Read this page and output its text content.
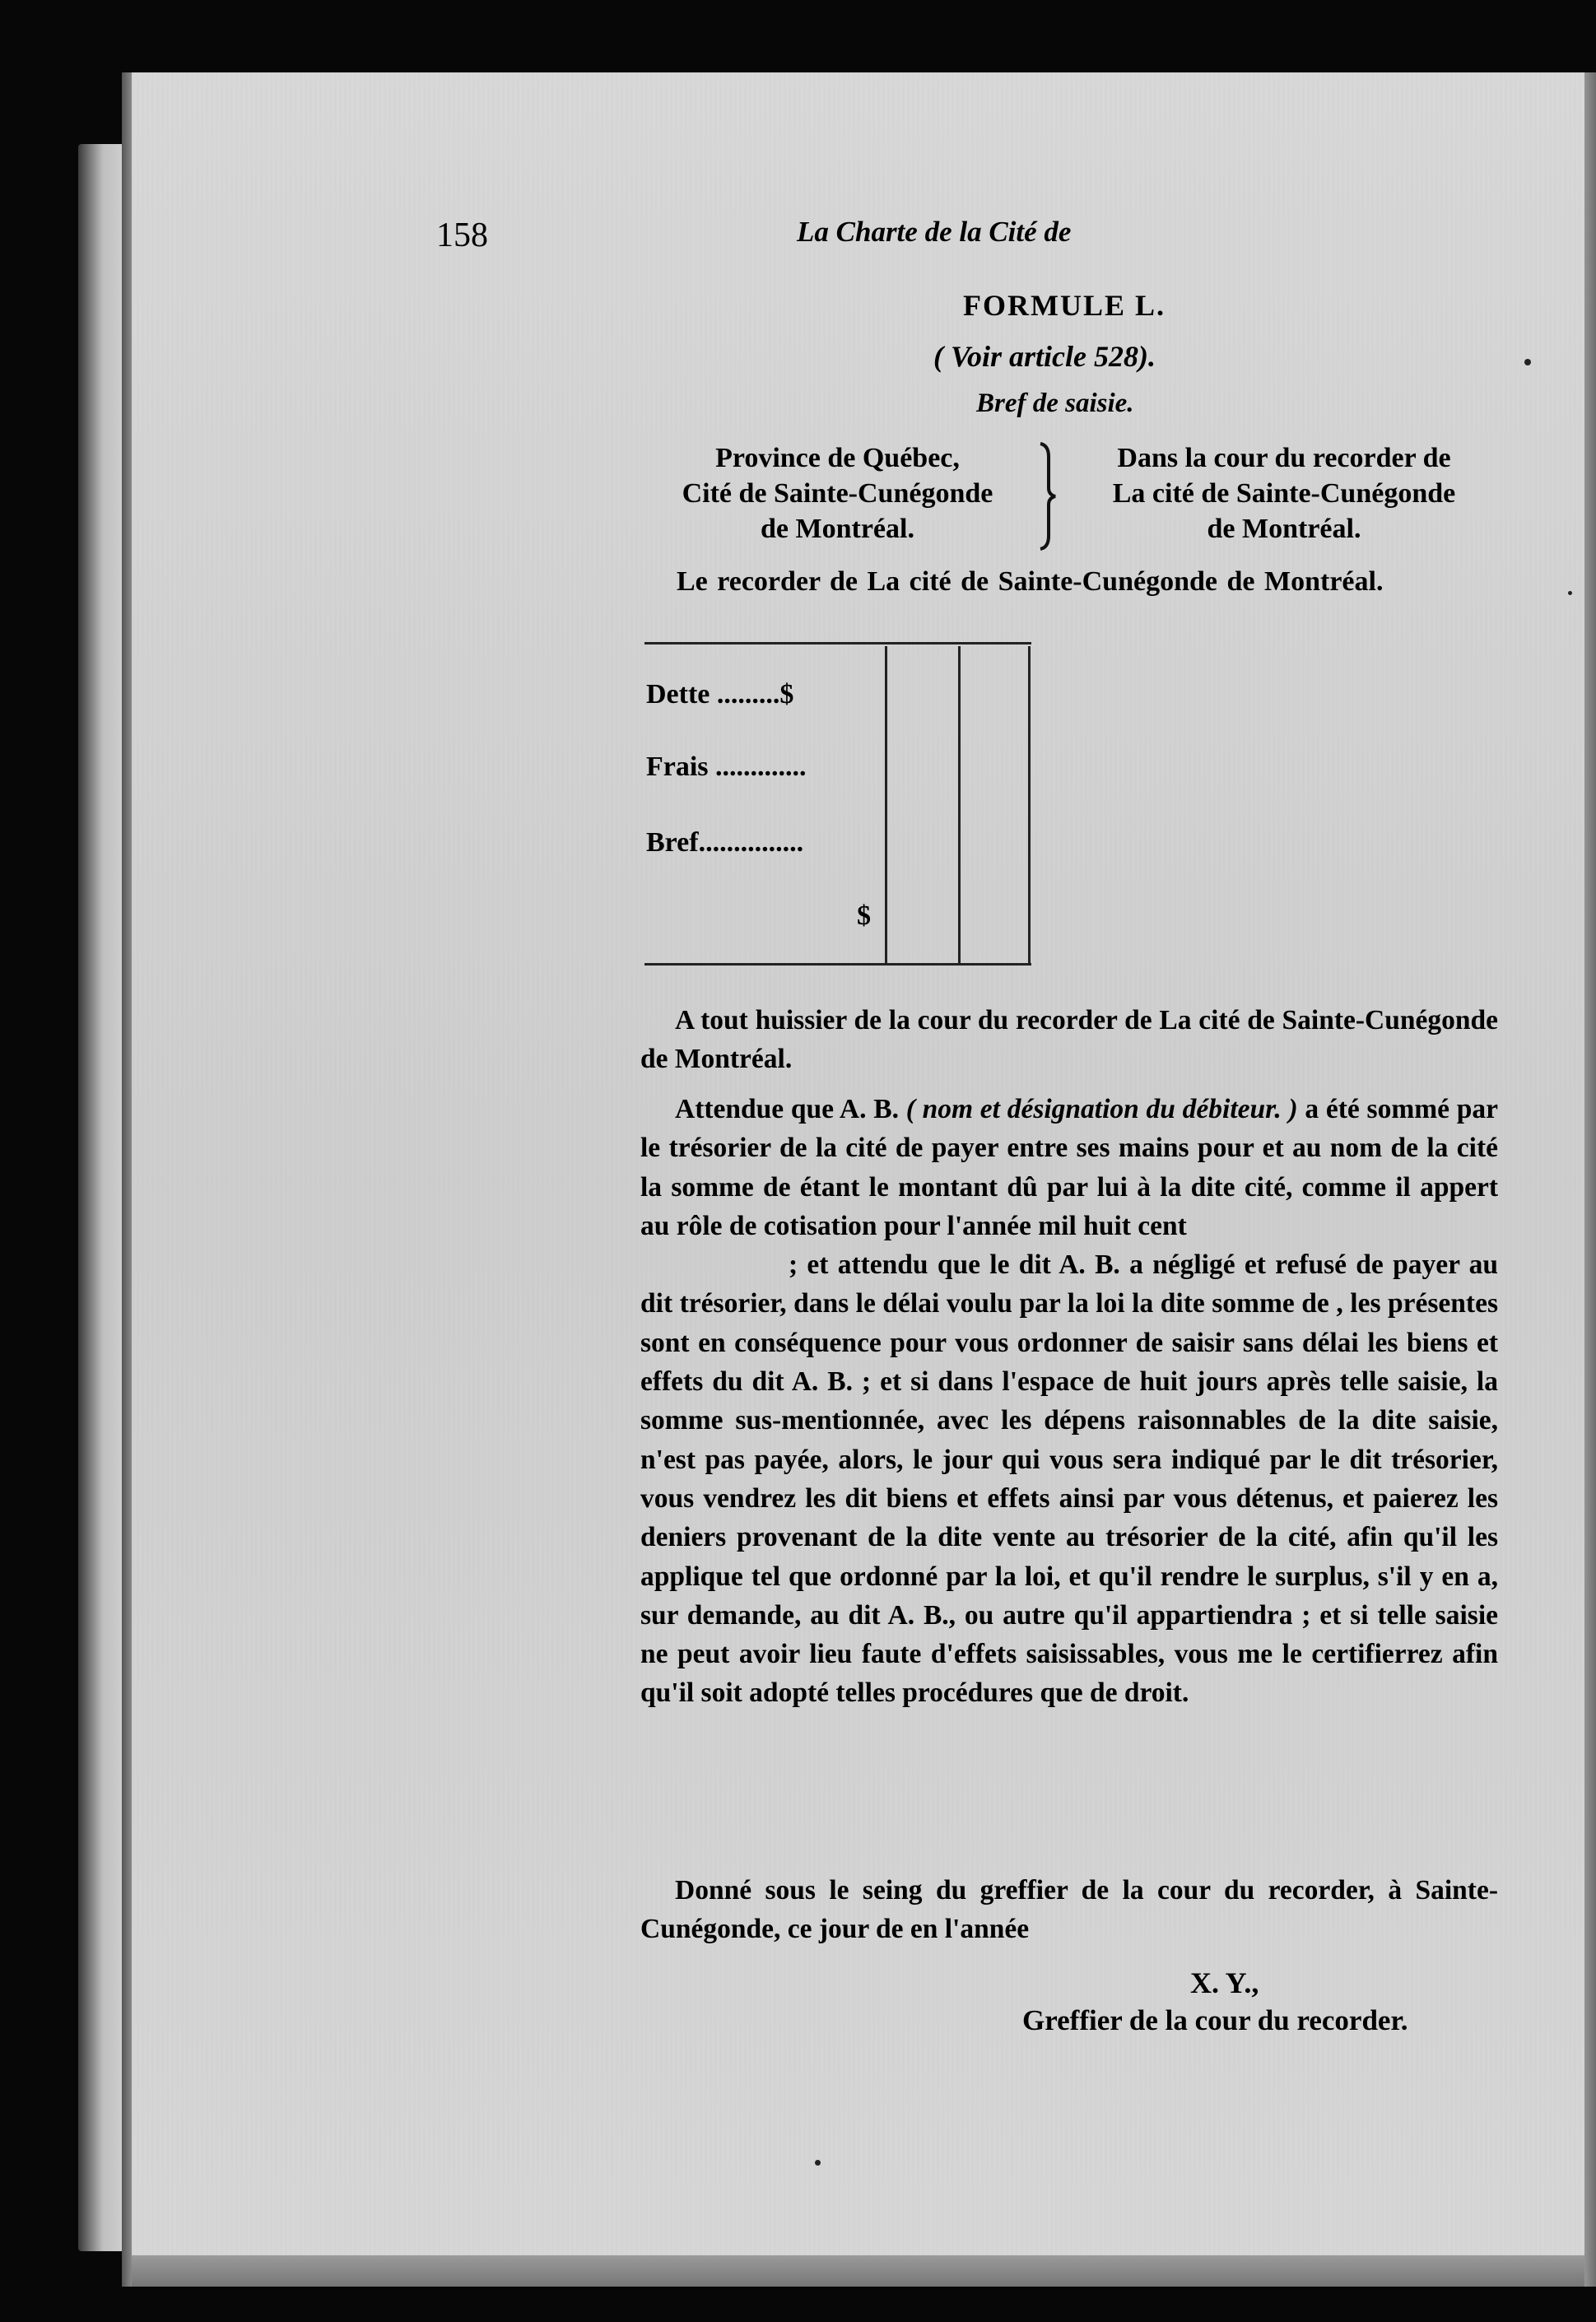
158	La Charte de la Cité de
FORMULE L.
( Voir article 528).
Bref de saisie.

Province de Québec,

Cité de Sainte-Cunégonde

de Montréal.

Dans la cour du recorder de

La cité de Sainte-Cunégonde

de Montréal.

Le recorder de La cité de Sainte-Cunégonde de Montréal.
Dette .........$
Frais .............
Bref...............
$

A tout huissier de la cour du recorder de La cité de Sainte-Cunégonde de Montréal.

Attendue que A. B. ( nom et désignation du débiteur. ) a été sommé par le trésorier de la cité de payer entre ses mains pour et au nom de la cité la somme de étant le montant dû par lui à la dite cité, comme il appert au rôle de cotisation pour l'année mil huit cent

; et attendu que le dit A. B. a négligé et refusé de payer au dit trésorier, dans le délai voulu par la loi la dite somme de , les présentes sont en conséquence pour vous ordonner de saisir sans délai les biens et effets du dit A. B. ; et si dans l'espace de huit jours après telle saisie, la somme sus-mentionnée, avec les dépens raisonnables de la dite saisie, n'est pas payée, alors, le jour qui vous sera indiqué par le dit trésorier, vous vendrez les dit biens et effets ainsi par vous détenus, et paierez les deniers provenant de la dite vente au trésorier de la cité, afin qu'il les applique tel que ordonné par la loi, et qu'il rendre le surplus, s'il y en a, sur demande, au dit A. B., ou autre qu'il appartiendra ; et si telle saisie ne peut avoir lieu faute d'effets saisissables, vous me le certifierrez afin qu'il soit adopté telles procédures que de droit.

Donné sous le seing du greffier de la cour du recorder, à Sainte-Cunégonde, ce jour de en l'année

X. Y.,
Greffier de la cour du recorder.
